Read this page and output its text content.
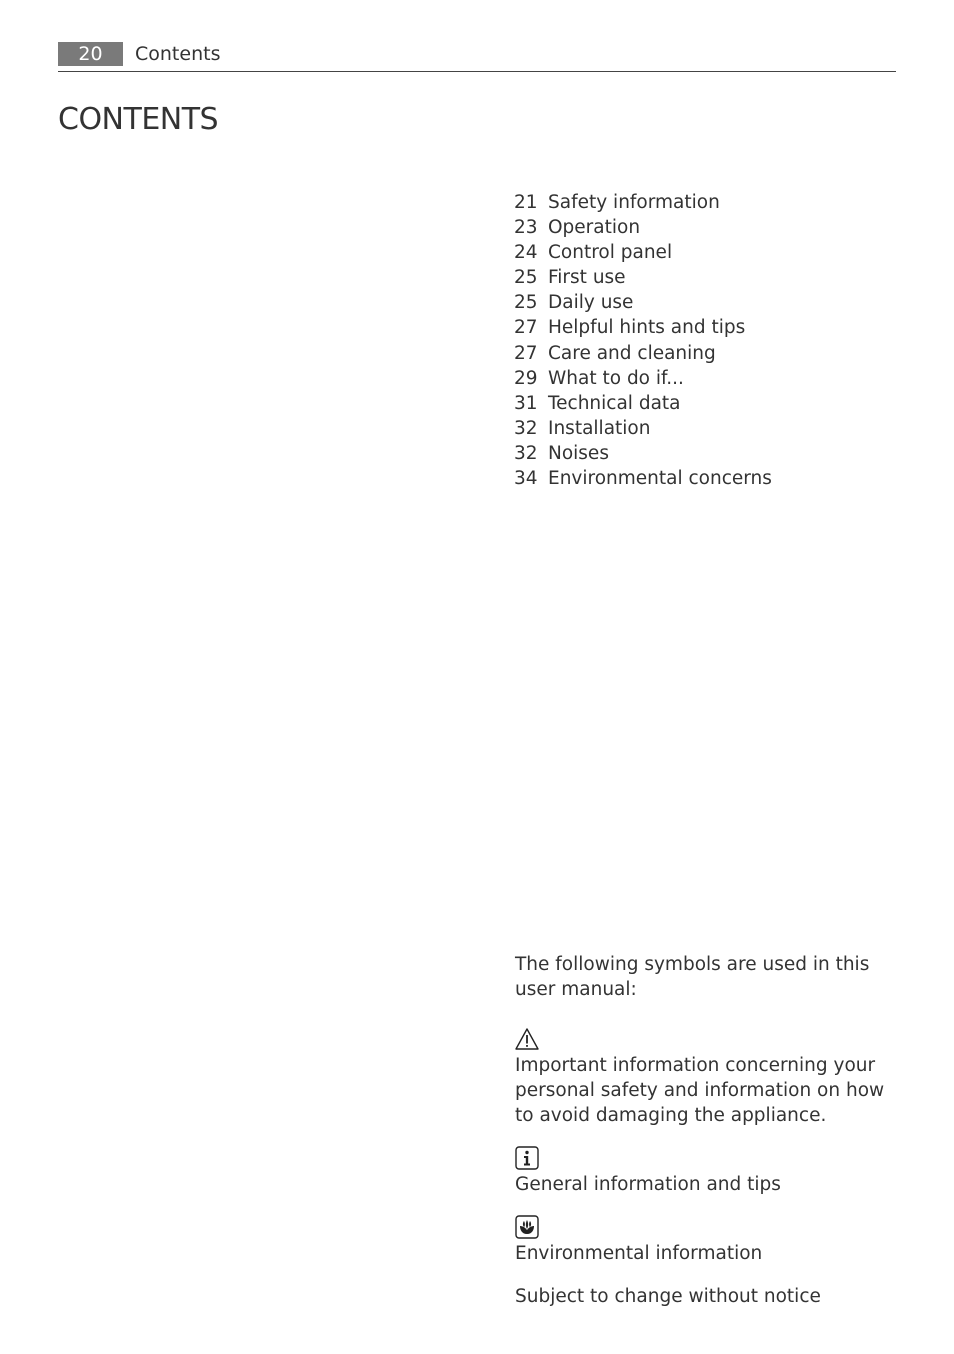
20	Contents
CONTENTS
21 Safety information
23 Operation
24 Control panel
25 First use
25 Daily use
27 Helpful hints and tips
27 Care and cleaning
29 What to do if...
31 Technical data
32 Installation
32 Noises
34 Environmental concerns

The following symbols are used in this user manual:

Important information concerning your personal safety and information on how to avoid damaging the appliance.

General information and tips

Environmental information

Subject to change without notice
